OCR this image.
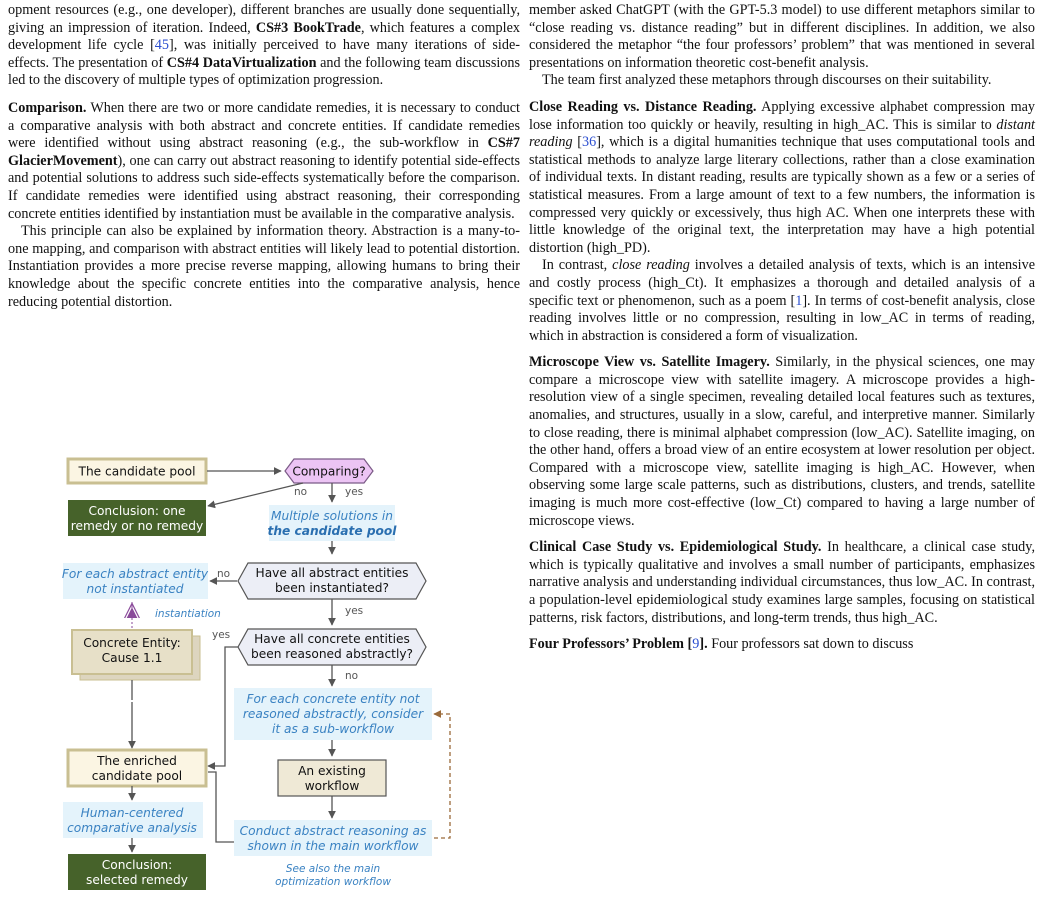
opment resources (e.g., one developer), different branches are usually done sequentially, giving an impression of iteration. Indeed, CS#3 BookTrade, which features a complex development life cycle [45], was initially perceived to have many iterations of side-effects. The presentation of CS#4 DataVirtualization and the following team discussions led to the discovery of multiple types of optimization progression.

Comparison. When there are two or more candidate remedies, it is necessary to conduct a comparative analysis with both abstract and concrete entities. If candidate remedies were identified without using abstract reasoning (e.g., the sub-workflow in CS#7 GlacierMovement), one can carry out abstract reasoning to identify potential side-effects and potential solutions to address such side-effects systematically before the comparison. If candidate remedies were identified using abstract reasoning, their corresponding concrete entities identified by instantiation must be available in the comparative analysis.

This principle can also be explained by information theory. Abstraction is a many-to-one mapping, and comparison with abstract entities will likely lead to potential distortion. Instantiation provides a more precise reverse mapping, allowing humans to bring their knowledge about the specific concrete entities into the comparative analysis, hence reducing potential distortion.

The candidate pool	Comparing?
no	yes
Conclusion: one
remedy or no remedy
Multiple solutions in
the candidate pool
For each abstract entity
not instantiated
no Have all abstract entities
been instantiated?
instantiation	yes
Concrete Entity:
Cause 1.1
yes Have all concrete entities
been reasoned abstractly?
no
For each concrete entity not
reasoned abstractly, consider
it as a sub-workflow
The enriched
candidate pool	An existing
workflow
Human-centered
comparative analysis	Conduct abstract reasoning as
shown in the main workflow
Conclusion:
selected remedy
See also the main
optimization workflow

member asked ChatGPT (with the GPT-5.3 model) to use different metaphors similar to “close reading vs. distance reading” but in different disciplines. In addition, we also considered the metaphor “the four professors’ problem” that was mentioned in several presentations on information theoretic cost-benefit analysis.

The team first analyzed these metaphors through discourses on their suitability.

Close Reading vs. Distance Reading. Applying excessive alphabet compression may lose information too quickly or heavily, resulting in high_AC. This is similar to distant reading [36], which is a digital humanities technique that uses computational tools and statistical methods to analyze large literary collections, rather than a close examination of individual texts. In distant reading, results are typically shown as a few or a series of statistical measures. From a large amount of text to a few numbers, the information is compressed very quickly or excessively, thus high AC. When one interprets these with little knowledge of the original text, the interpretation may have a high potential distortion (high_PD).

In contrast, close reading involves a detailed analysis of texts, which is an intensive and costly process (high_Ct). It emphasizes a thorough and detailed analysis of a specific text or phenomenon, such as a poem [1]. In terms of cost-benefit analysis, close reading involves little or no compression, resulting in low_AC in terms of reading, which in abstraction is considered a form of visualization.

Microscope View vs. Satellite Imagery. Similarly, in the physical sciences, one may compare a microscope view with satellite imagery. A microscope provides a high-resolution view of a single specimen, revealing detailed local features such as textures, anomalies, and structures, usually in a slow, careful, and interpretive manner. Similarly to close reading, there is minimal alphabet compression (low_AC). Satellite imaging, on the other hand, offers a broad view of an entire ecosystem at lower resolution per object. Compared with a microscope view, satellite imaging is high_AC. However, when observing some large scale patterns, such as distributions, clusters, and trends, satellite imaging is much more cost-effective (low_Ct) compared to having a large number of microscope views.

Clinical Case Study vs. Epidemiological Study. In healthcare, a clinical case study, which is typically qualitative and involves a small number of participants, emphasizes narrative analysis and understanding individual circumstances, thus low_AC. In contrast, a population-level epidemiological study examines large samples, focusing on statistical patterns, risk factors, distributions, and long-term trends, thus high_AC.

Four Professors’ Problem [9]. Four professors sat down to discuss
